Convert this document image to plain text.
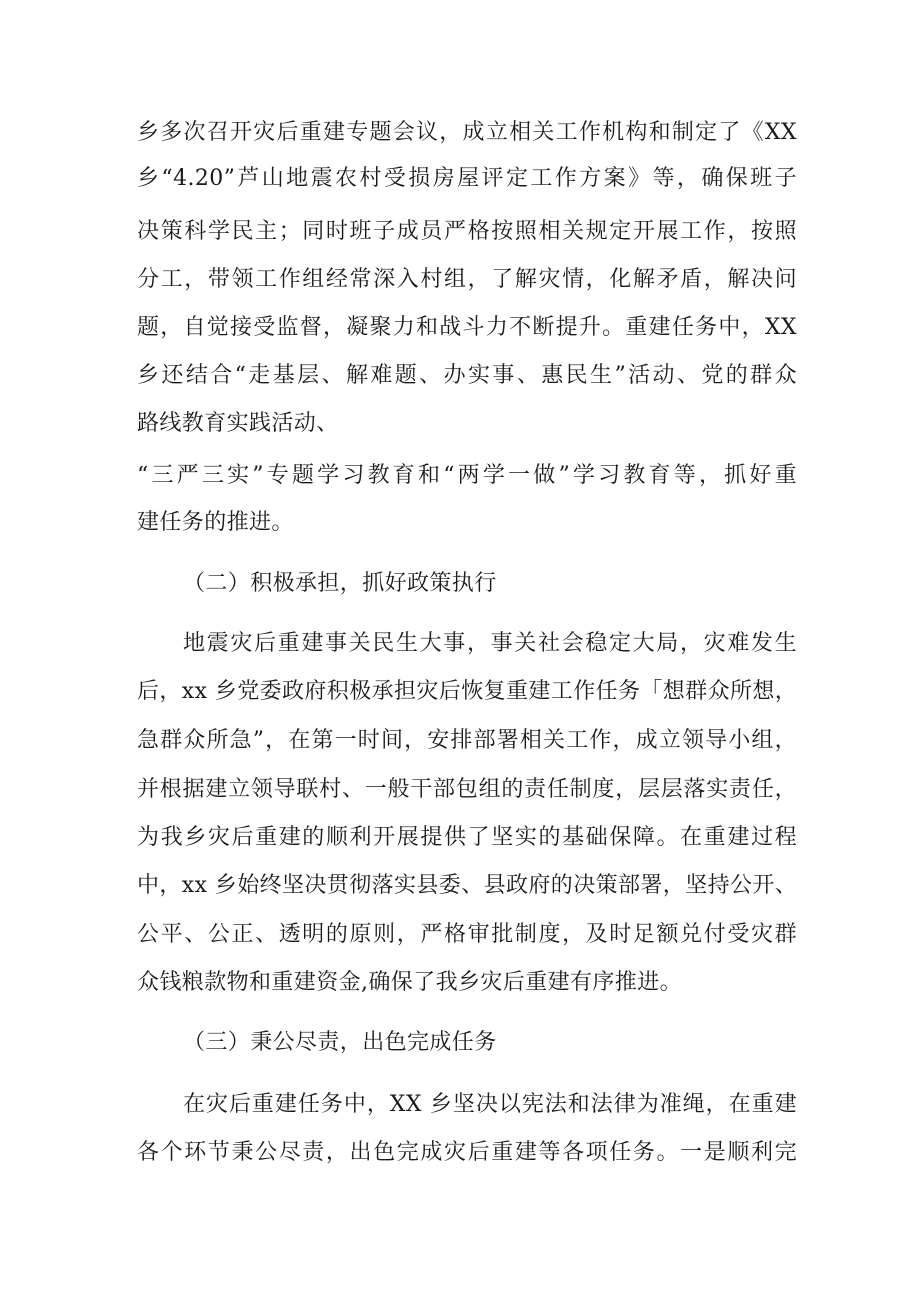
乡多次召开灾后重建专题会议，成立相关工作机构和制定了《XX
乡“4.20”芦山地震农村受损房屋评定工作方案》等，确保班子
决策科学民主；同时班子成员严格按照相关规定开展工作，按照
分工，带领工作组经常深入村组，了解灾情，化解矛盾，解决问
题，自觉接受监督，凝聚力和战斗力不断提升。重建任务中，XX
乡还结合“走基层、解难题、办实事、惠民生”活动、党的群众
路线教育实践活动、
“三严三实”专题学习教育和“两学一做”学习教育等，抓好重
建任务的推进。
（二）积极承担，抓好政策执行
地震灾后重建事关民生大事，事关社会稳定大局，灾难发生
后，xx 乡党委政府积极承担灾后恢复重建工作任务「想群众所想，
急群众所急”，在第一时间，安排部署相关工作，成立领导小组，
并根据建立领导联村、一般干部包组的责任制度，层层落实责任，
为我乡灾后重建的顺利开展提供了坚实的基础保障。在重建过程
中，xx 乡始终坚决贯彻落实县委、县政府的决策部署，坚持公开、
公平、公正、透明的原则，严格审批制度，及时足额兑付受灾群
众钱粮款物和重建资金,确保了我乡灾后重建有序推进。
（三）秉公尽责，出色完成任务
在灾后重建任务中，XX 乡坚决以宪法和法律为准绳，在重建
各个环节秉公尽责，出色完成灾后重建等各项任务。一是顺利完
